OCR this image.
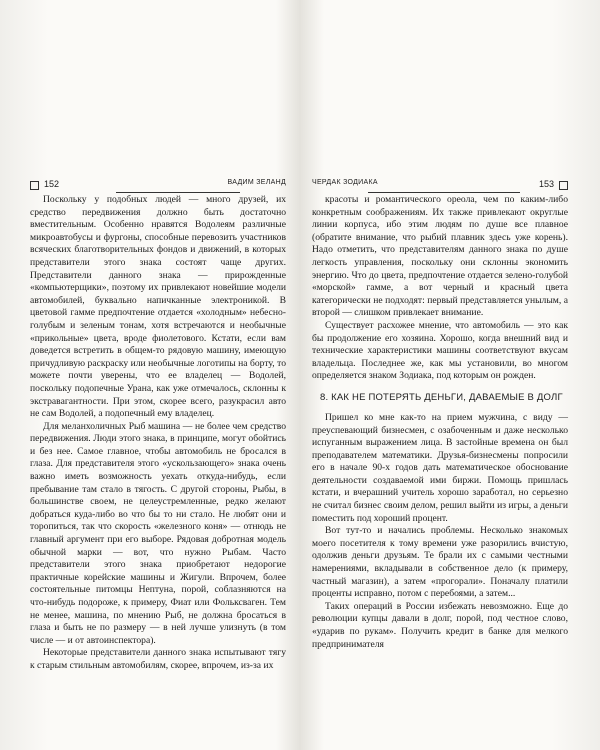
152	ВАДИМ ЗЕЛАНД

Поскольку у подобных людей — много друзей, их средство передвижения должно быть достаточно вместительным. Особенно нравятся Водолеям различные микроавтобусы и фургоны, способные перевозить участников всяческих благотворительных фондов и движений, в которых представители этого знака состоят чаще других. Представители данного знака — прирожденные «компьютерщики», поэтому их привлекают новейшие модели автомобилей, буквально напичканные электроникой. В цветовой гамме предпочтение отдается «холодным» небесно-голубым и зеленым тонам, хотя встречаются и необычные «прикольные» цвета, вроде фиолетового. Кстати, если вам доведется встретить в общем-то рядовую машину, имеющую причудливую раскраску или необычные логотипы на борту, то можете почти уверены, что ее владелец — Водолей, поскольку подопечные Урана, как уже отмечалось, склонны к экстравагантности. При этом, скорее всего, разукрасил авто не сам Водолей, а подопечный ему владелец.

Для меланхоличных Рыб машина — не более чем средство передвижения. Люди этого знака, в принципе, могут обойтись и без нее. Самое главное, чтобы автомобиль не бросался в глаза. Для представителя этого «ускользающего» знака очень важно иметь возможность уехать откуда-нибудь, если пребывание там стало в тягость. С другой стороны, Рыбы, в большинстве своем, не целеустремленные, редко желают добраться куда-либо во что бы то ни стало. Не любят они и торопиться, так что скорость «железного коня» — отнюдь не главный аргумент при его выборе. Рядовая добротная модель обычной марки — вот, что нужно Рыбам. Часто представители этого знака приобретают недорогие практичные корейские машины и Жигули. Впрочем, более состоятельные питомцы Нептуна, порой, соблазняются на что-нибудь подороже, к примеру, Фиат или Фольксваген. Тем не менее, машина, по мнению Рыб, не должна бросаться в глаза и быть не по размеру — в ней лучше улизнуть (в том числе — и от автоинспектора).

Некоторые представители данного знака испытывают тягу к старым стильным автомобилям, скорее, впрочем, из-за их

ЧЕРДАК ЗОДИАКА	153

красоты и романтического ореола, чем по каким-либо конкретным соображениям. Их также привлекают округлые линии корпуса, ибо этим людям по душе все плавное (обратите внимание, что рыбий плавник здесь уже корень). Надо отметить, что представителям данного знака по душе легкость управления, поскольку они склонны экономить энергию. Что до цвета, предпочтение отдается зелено-голубой «морской» гамме, а вот черный и красный цвета категорически не подходят: первый представляется унылым, а второй — слишком привлекает внимание.

Существует расхожее мнение, что автомобиль — это как бы продолжение его хозяина. Хорошо, когда внешний вид и технические характеристики машины соответствуют вкусам владельца. Последнее же, как мы установили, во многом определяется знаком Зодиака, под которым он рожден.

8. КАК НЕ ПОТЕРЯТЬ ДЕНЬГИ, ДАВАЕМЫЕ В ДОЛГ

Пришел ко мне как-то на прием мужчина, с виду — преуспевающий бизнесмен, с озабоченным и даже несколько испуганным выражением лица. В застойные времена он был преподавателем математики. Друзья-бизнесмены попросили его в начале 90-х годов дать математическое обоснование деятельности создаваемой ими биржи. Помощь пришлась кстати, и вчерашний учитель хорошо заработал, но серьезно не считал бизнес своим делом, решил выйти из игры, а деньги поместить под хороший процент.

Вот тут-то и начались проблемы. Несколько знакомых моего посетителя к тому времени уже разорились вчистую, одолжив деньги друзьям. Те брали их с самыми честными намерениями, вкладывали в собственное дело (к примеру, частный магазин), а затем «прогорали». Поначалу платили проценты исправно, потом с перебоями, а затем...

Таких операций в России избежать невозможно. Еще до революции купцы давали в долг, порой, под честное слово, «ударив по рукам». Получить кредит в банке для мелкого предпринимателя
